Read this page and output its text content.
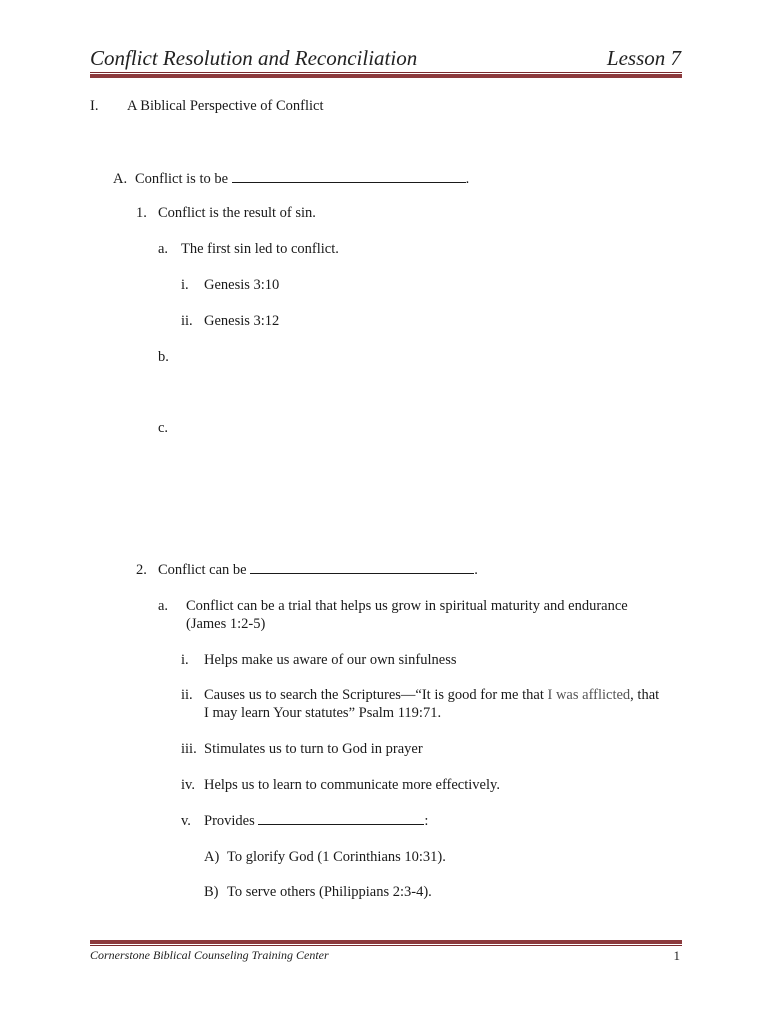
Conflict Resolution and Reconciliation	Lesson 7
I. A Biblical Perspective of Conflict
A. Conflict is to be	.
1. Conflict is the result of sin.
a. The first sin led to conflict.
i. Genesis 3:10
ii. Genesis 3:12
b.
c.
2. Conflict can be	.
a. Conflict can be a trial that helps us grow in spiritual maturity and endurance
(James 1:2-5)
i. Helps make us aware of our own sinfulness
ii. Causes us to search the Scriptures—“It is good for me that I was afflicted, that
I may learn Your statutes” Psalm 119:71.
iii. Stimulates us to turn to God in prayer
iv. Helps us to learn to communicate more effectively.
v. Provides	:
A) To glorify God (1 Corinthians 10:31).
B) To serve others (Philippians 2:3-4).
Cornerstone Biblical Counseling Training Center	1
